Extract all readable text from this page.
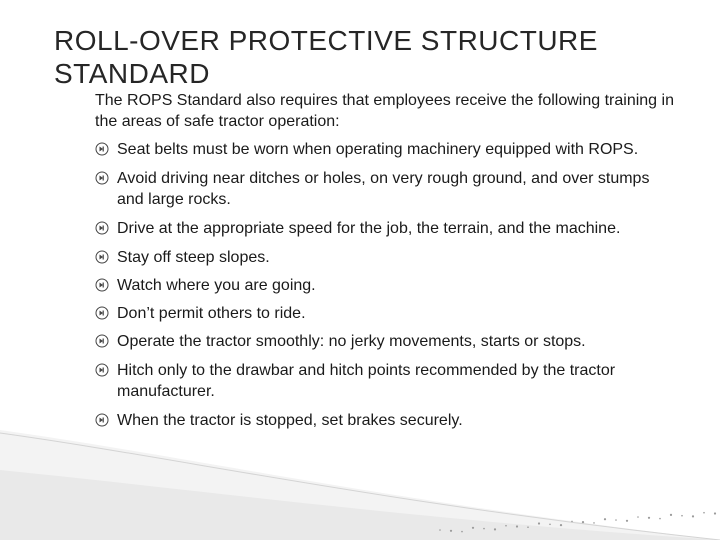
ROLL-OVER PROTECTIVE STRUCTURE STANDARD

The ROPS Standard also requires that employees receive the following training in the areas of safe tractor operation:

Seat belts must be worn when operating machinery equipped with ROPS.
Avoid driving near ditches or holes, on very rough ground, and over stumps and large rocks.
Drive at the appropriate speed for the job, the terrain, and the machine.
Stay off steep slopes.
Watch where you are going.
Don’t permit others to ride.
Operate the tractor smoothly: no jerky movements, starts or stops.
Hitch only to the drawbar and hitch points recommended by the tractor manufacturer.
When the tractor is stopped, set brakes securely.
